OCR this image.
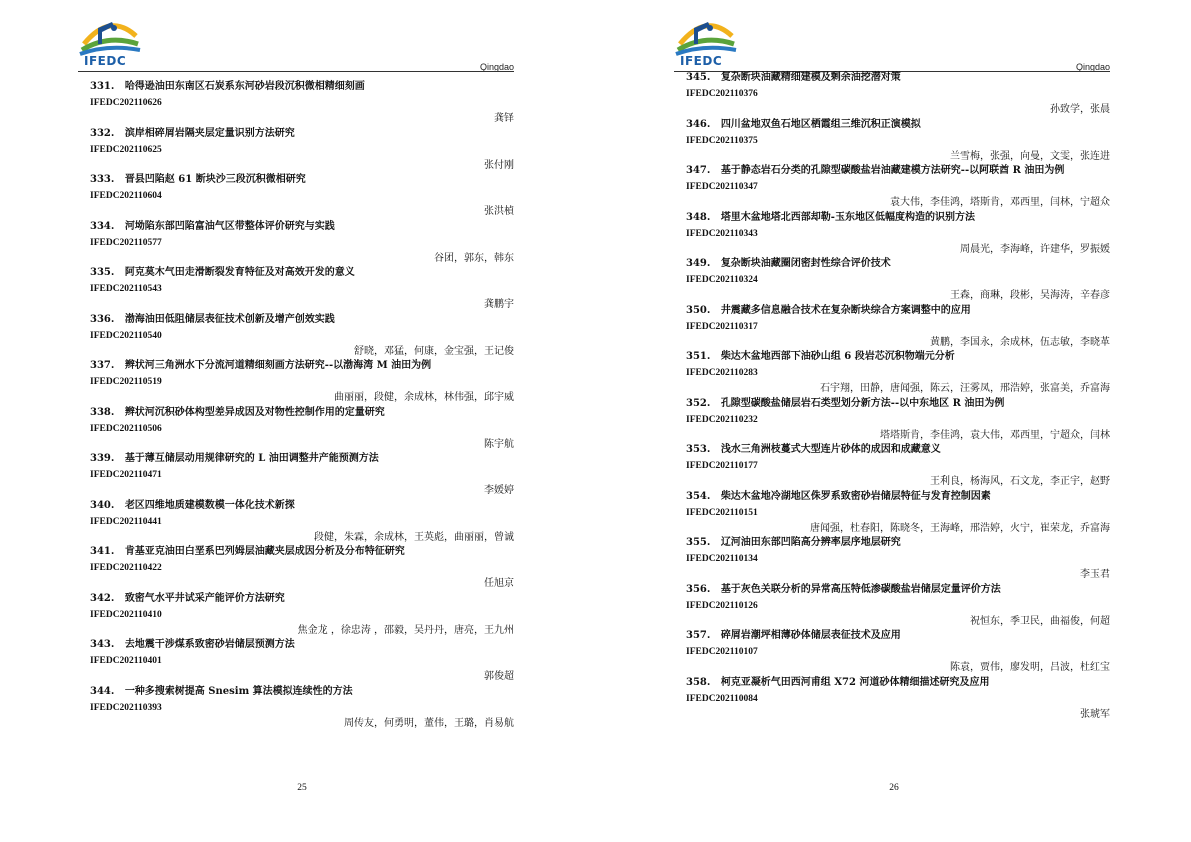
IFEDC	Qingdao
331. 哈得逊油田东南区石炭系东河砂岩段沉积微相精细刻画
IFEDC202110626
龚铎
332. 滨岸相碎屑岩隔夹层定量识别方法研究
IFEDC202110625
张付刚
333. 晋县凹陷赵 61 断块沙三段沉积微相研究
IFEDC202110604
张洪楨
334. 河坳陷东部凹陷富油气区带整体评价研究与实践
IFEDC202110577
谷团，郭东，韩东
335. 阿克莫木气田走滑断裂发育特征及对高效开发的意义
IFEDC202110543
龚鹏宇
336. 渤海油田低阻储层表征技术创新及增产创效实践
IFEDC202110540
舒晓，邓猛，何康，金宝强，王记俊
337. 辫状河三角洲水下分流河道精细刻画方法研究--以渤海湾 M 油田为例
IFEDC202110519
曲丽丽，段健，余成林，林伟强，邱宇威
338. 辫状河沉积砂体构型差异成因及对物性控制作用的定量研究
IFEDC202110506
陈宇航
339. 基于薄互储层动用规律研究的 L 油田调整井产能预测方法
IFEDC202110471
李媛婷
340. 老区四维地质建模数模一体化技术新探
IFEDC202110441
段健，朱霖，余成林，王英彪，曲丽丽，曾诚
341. 肯基亚克油田白垩系巴列姆层油藏夹层成因分析及分布特征研究
IFEDC202110422
任旭京
342. 致密气水平井试采产能评价方法研究
IFEDC202110410
焦金龙 ，徐忠涛 ，邵毅，吴丹丹，唐亮，王九州
343. 去地震干涉煤系致密砂岩储层预测方法
IFEDC202110401
郭俊超
344. 一种多搜索树提高 Snesim 算法模拟连续性的方法
IFEDC202110393
周传友，何勇明，董伟，王璐，肖易航
25
IFEDC	Qingdao
345. 复杂断块油藏精细建模及剩余油挖潜对策
IFEDC202110376
孙致学，张晨
346. 四川盆地双鱼石地区栖霞组三维沉积正演模拟
IFEDC202110375
兰雪梅，张强，向曼，文雯，张连进
347. 基于静态岩石分类的孔隙型碳酸盐岩油藏建模方法研究--以阿联酋 R 油田为例
IFEDC202110347
袁大伟，李佳鸿，塔斯肯，邓西里，闫林，宁超众
348. 塔里木盆地塔北西部却勒-玉东地区低幅度构造的识别方法
IFEDC202110343
周晨光，李海峰，许建华，罗振媛
349. 复杂断块油藏圈闭密封性综合评价技术
IFEDC202110324
王森，商琳，段彬，吴海涛，辛春彦
350. 井震藏多信息融合技术在复杂断块综合方案调整中的应用
IFEDC202110317
黄鹏，李国永，余成林，伍志敏，李晓革
351. 柴达木盆地西部下油砂山组 6 段岩芯沉积物端元分析
IFEDC202110283
石宇翔，田静，唐闻强，陈云，汪雾凤，邢浩婷，张富美，乔富海
352. 孔隙型碳酸盐储层岩石类型划分新方法--以中东地区 R 油田为例
IFEDC202110232
塔塔斯肯，李佳鸿，袁大伟，邓西里，宁超众，闫林
353. 浅水三角洲枝蔓式大型连片砂体的成因和成藏意义
IFEDC202110177
王利良，杨海风，石文龙，李正宇，赵野
354. 柴达木盆地冷湖地区侏罗系致密砂岩储层特征与发育控制因素
IFEDC202110151
唐闻强，杜春阳，陈晓冬，王海峰，邢浩婷，火宁，崔荣龙，乔富海
355. 辽河油田东部凹陷高分辨率层序地层研究
IFEDC202110134
李玉君
356. 基于灰色关联分析的异常高压特低渗碳酸盐岩储层定量评价方法
IFEDC202110126
祝恒东，季卫民，曲福俊，何超
357. 碎屑岩潮坪相薄砂体储层表征技术及应用
IFEDC202110107
陈袁，贾伟，廖发明，吕波，杜红宝
358. 柯克亚凝析气田西河甫组 X72 河道砂体精细描述研究及应用
IFEDC202110084
张琥军
26
